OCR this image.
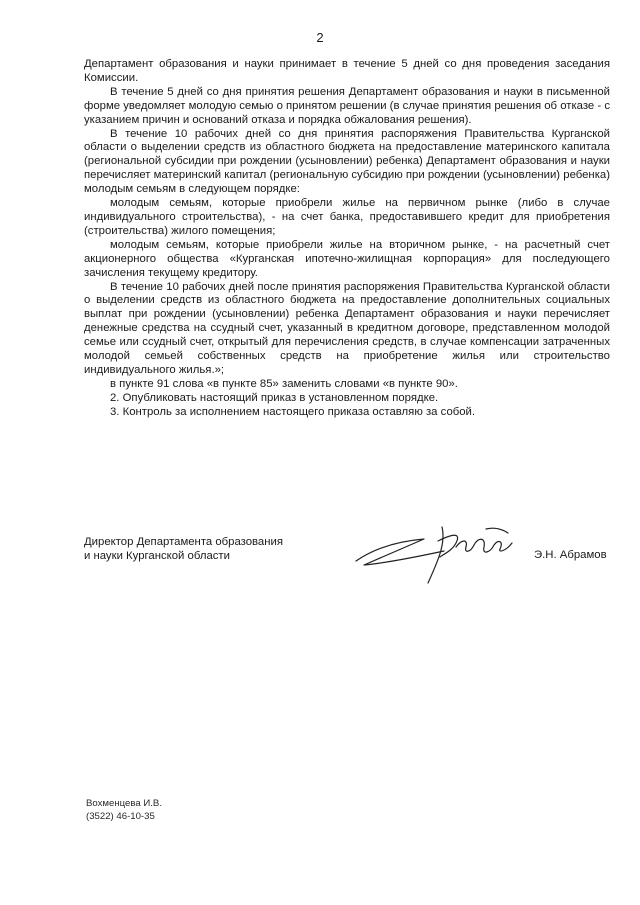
2

Департамент образования и науки принимает в течение 5 дней со дня проведения заседания Комиссии.

В течение 5 дней со дня принятия решения Департамент образования и науки в письменной форме уведомляет молодую семью о принятом решении (в случае принятия решения об отказе - с указанием причин и оснований отказа и порядка обжалования решения).

В течение 10 рабочих дней со дня принятия распоряжения Правительства Курганской области о выделении средств из областного бюджета на предоставление материнского капитала (региональной субсидии при рождении (усыновлении) ребенка) Департамент образования и науки перечисляет материнский капитал (региональную субсидию при рождении (усыновлении) ребенка) молодым семьям в следующем порядке:

молодым семьям, которые приобрели жилье на первичном рынке (либо в случае индивидуального строительства), - на счет банка, предоставившего кредит для приобретения (строительства) жилого помещения;

молодым семьям, которые приобрели жилье на вторичном рынке, - на расчетный счет акционерного общества «Курганская ипотечно-жилищная корпорация» для последующего зачисления текущему кредитору.

В течение 10 рабочих дней после принятия распоряжения Правительства Курганской области о выделении средств из областного бюджета на предоставление дополнительных социальных выплат при рождении (усыновлении) ребенка Департамент образования и науки перечисляет денежные средства на ссудный счет, указанный в кредитном договоре, представленном молодой семье или ссудный счет, открытый для перечисления средств, в случае компенсации затраченных молодой семьей собственных средств на приобретение жилья или строительство индивидуального жилья.»;

в пункте 91 слова «в пункте 85» заменить словами «в пункте 90».

2. Опубликовать настоящий приказ в установленном порядке.

3. Контроль за исполнением настоящего приказа оставляю за собой.

Директор Департамента образования
и науки Курганской области	Э.Н. Абрамов
Вохменцева И.В.
(3522) 46-10-35
